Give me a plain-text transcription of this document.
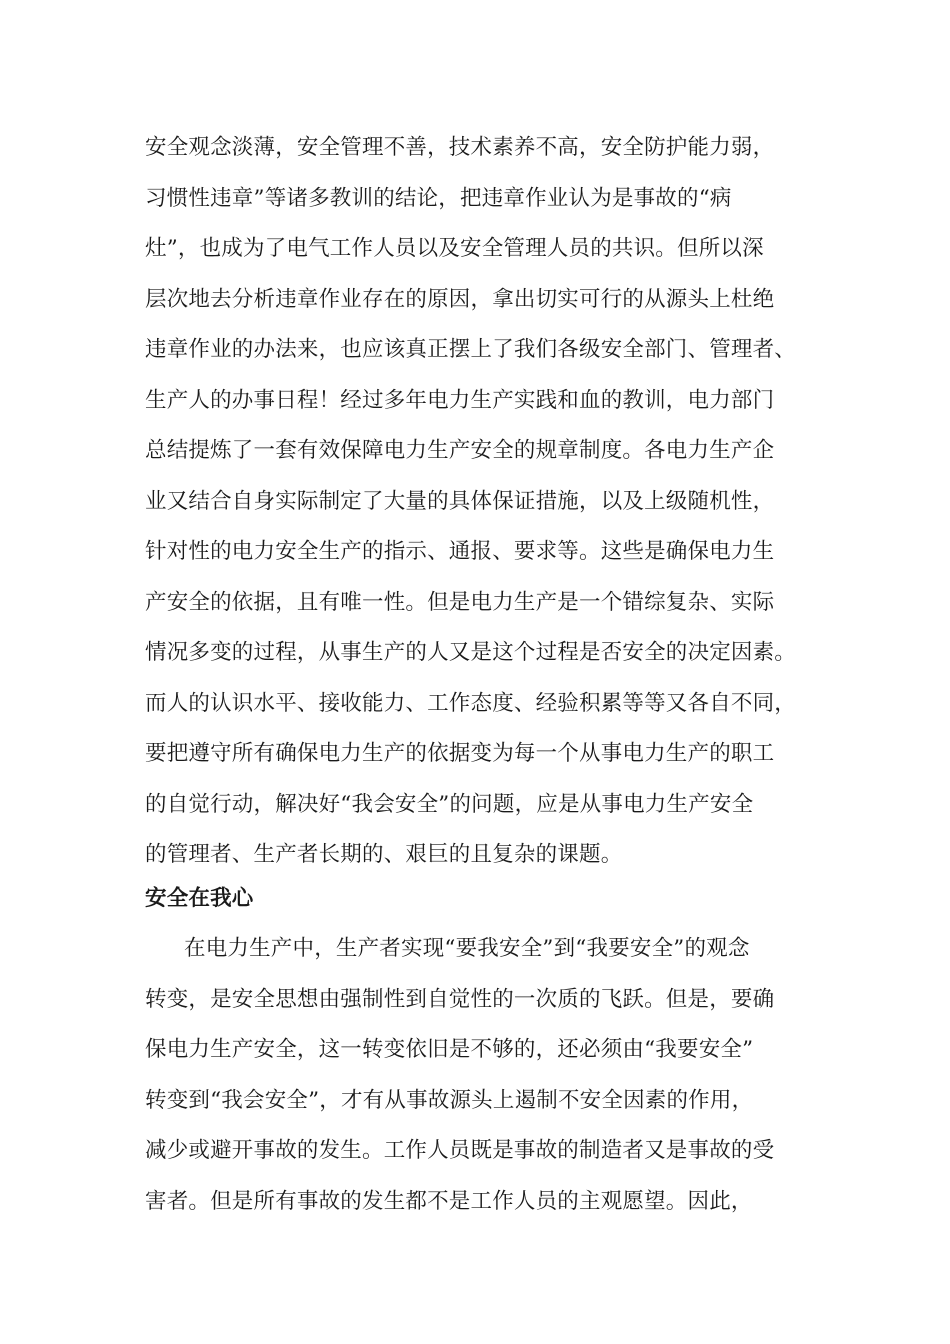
安全观念淡薄，安全管理不善，技术素养不高，安全防护能力弱，
习惯性违章”等诸多教训的结论，把违章作业认为是事故的“病
灶”，也成为了电气工作人员以及安全管理人员的共识。但所以深
层次地去分析违章作业存在的原因，拿出切实可行的从源头上杜绝
违章作业的办法来，也应该真正摆上了我们各级安全部门、管理者、
生产人的办事日程！经过多年电力生产实践和血的教训，电力部门
总结提炼了一套有效保障电力生产安全的规章制度。各电力生产企
业又结合自身实际制定了大量的具体保证措施，以及上级随机性，
针对性的电力安全生产的指示、通报、要求等。这些是确保电力生
产安全的依据，且有唯一性。但是电力生产是一个错综复杂、实际
情况多变的过程，从事生产的人又是这个过程是否安全的决定因素。
而人的认识水平、接收能力、工作态度、经验积累等等又各自不同，
要把遵守所有确保电力生产的依据变为每一个从事电力生产的职工
的自觉行动，解决好“我会安全”的问题，应是从事电力生产安全
的管理者、生产者长期的、艰巨的且复杂的课题。
安全在我心
在电力生产中，生产者实现“要我安全”到“我要安全”的观念
转变，是安全思想由强制性到自觉性的一次质的飞跃。但是，要确
保电力生产安全，这一转变依旧是不够的，还必须由“我要安全”
转变到“我会安全”，才有从事故源头上遏制不安全因素的作用，
减少或避开事故的发生。工作人员既是事故的制造者又是事故的受
害者。但是所有事故的发生都不是工作人员的主观愿望。因此，
